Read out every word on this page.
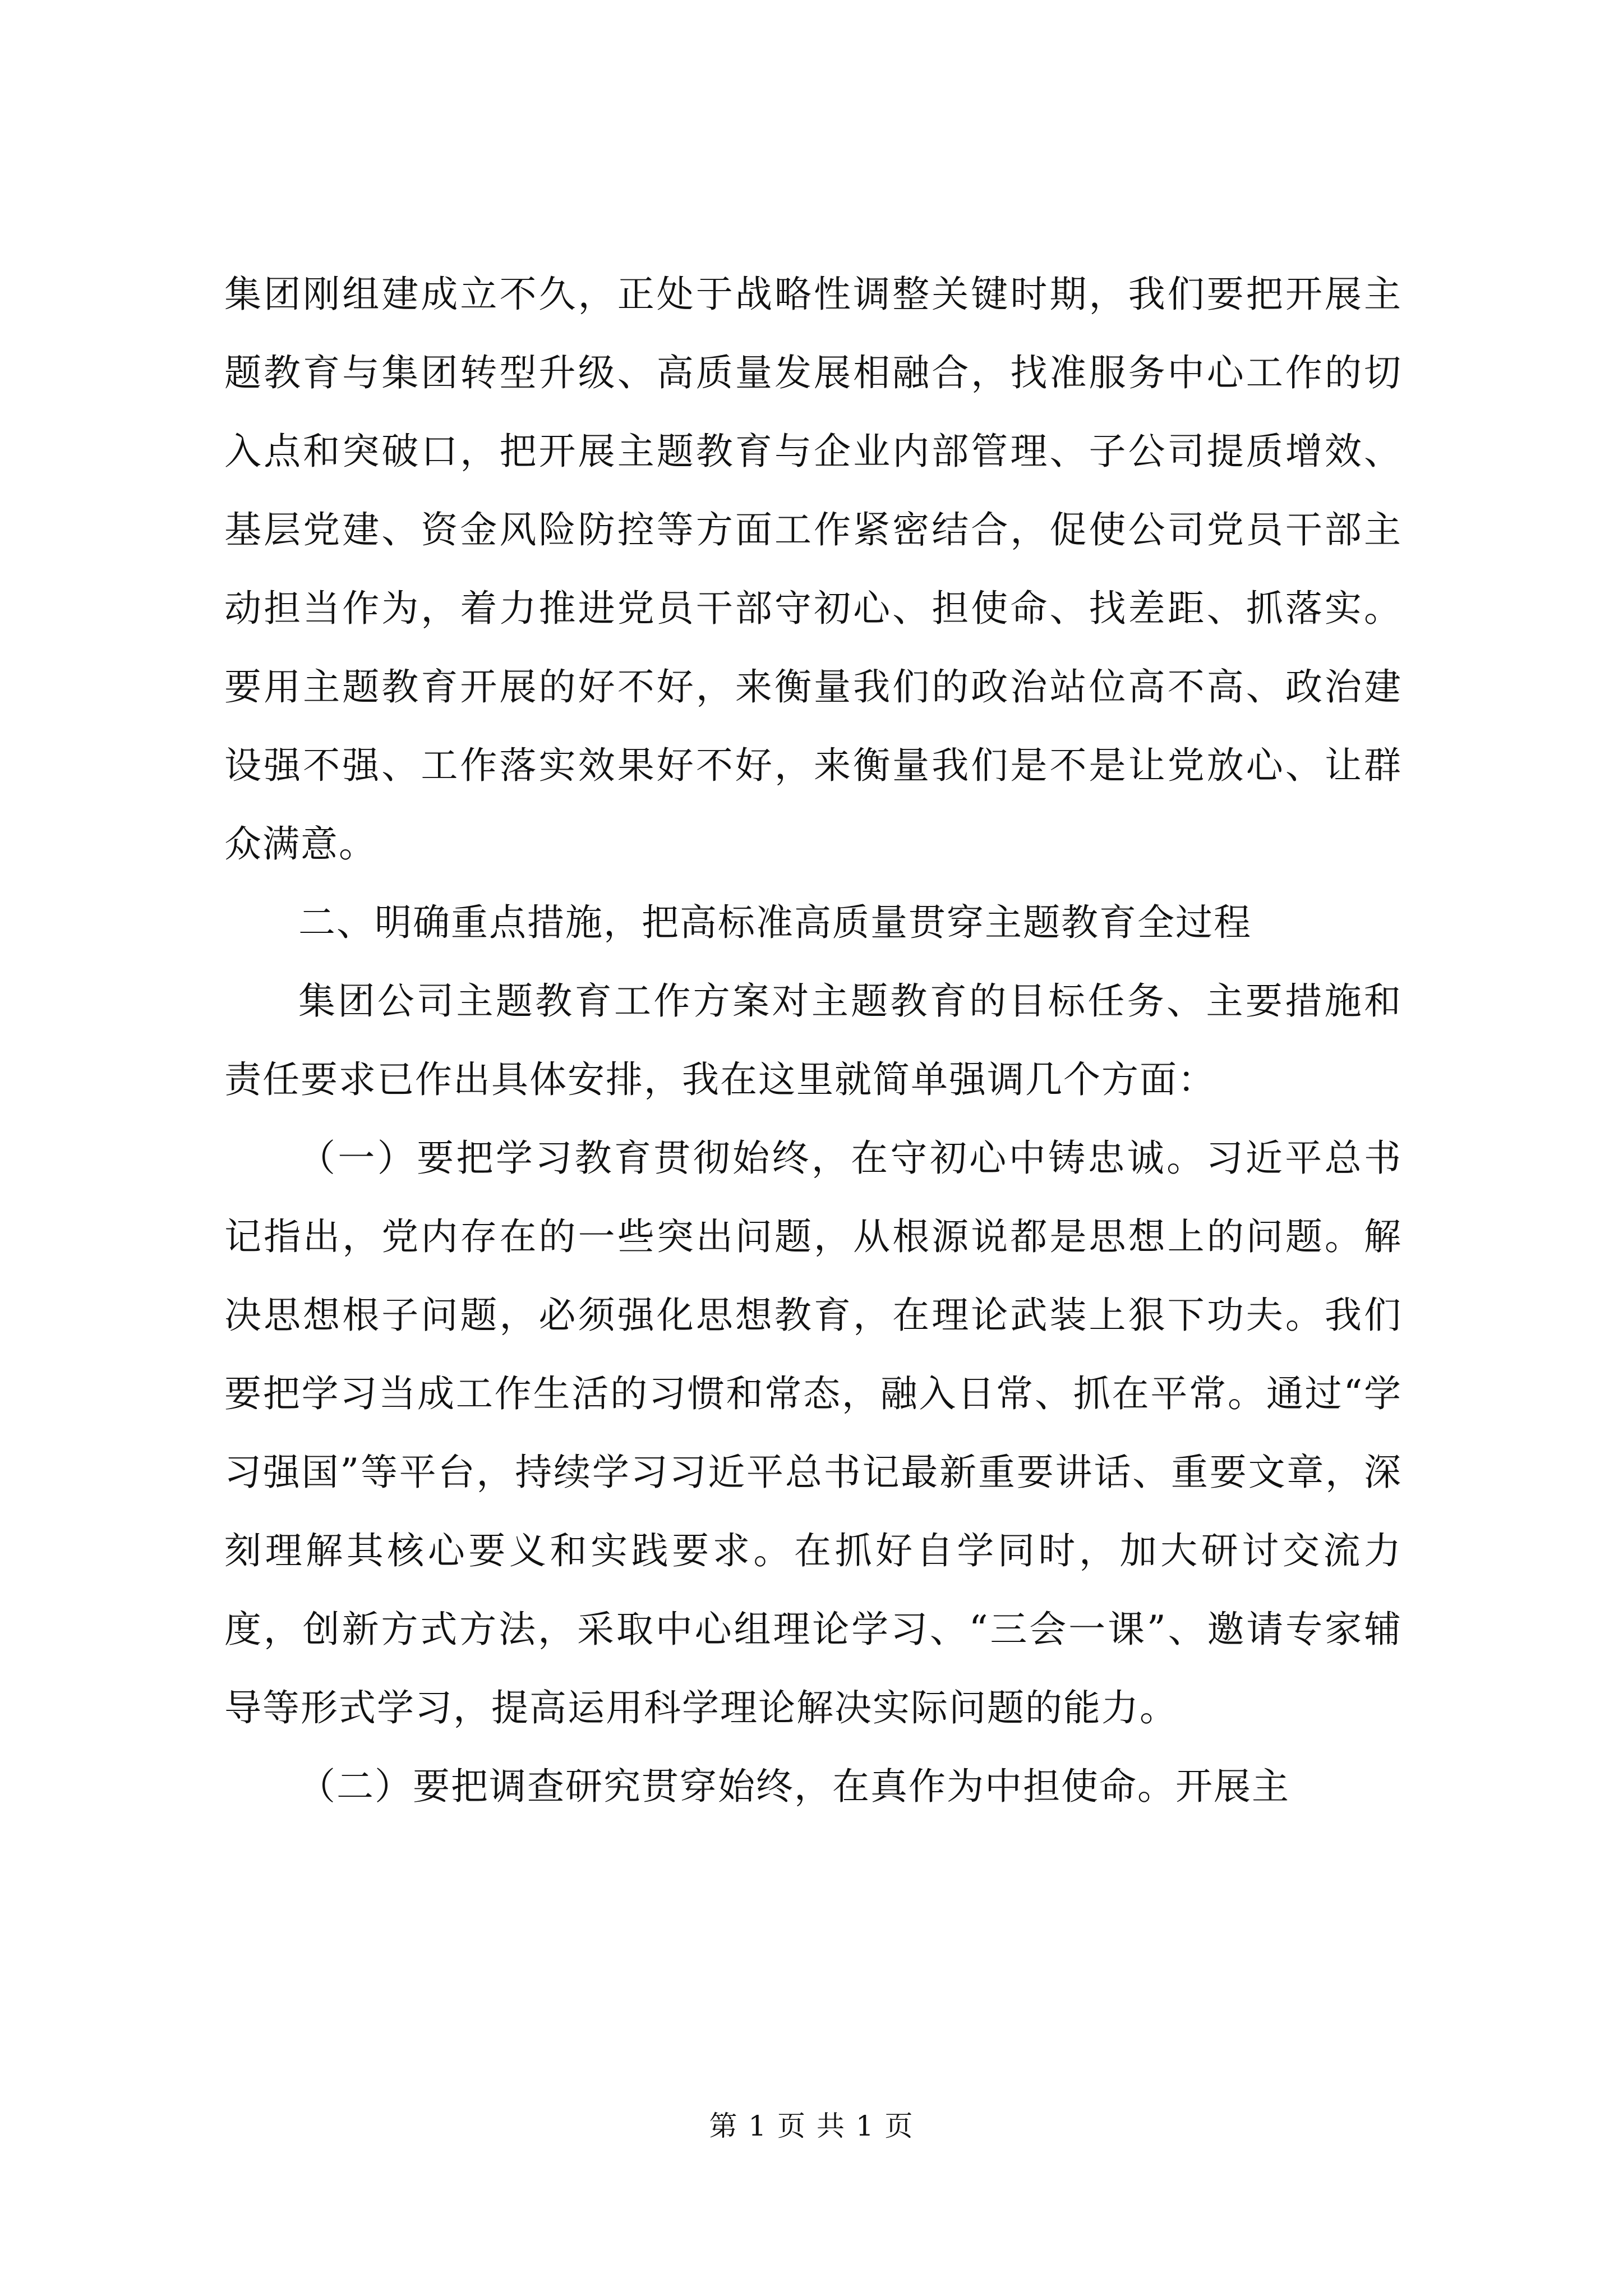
集团刚组建成立不久，正处于战略性调整关键时期，我们要把开展主题教育与集团转型升级、高质量发展相融合，找准服务中心工作的切入点和突破口，把开展主题教育与企业内部管理、子公司提质增效、基层党建、资金风险防控等方面工作紧密结合，促使公司党员干部主动担当作为，着力推进党员干部守初心、担使命、找差距、抓落实。要用主题教育开展的好不好，来衡量我们的政治站位高不高、政治建设强不强、工作落实效果好不好，来衡量我们是不是让党放心、让群众满意。

二、明确重点措施，把高标准高质量贯穿主题教育全过程

集团公司主题教育工作方案对主题教育的目标任务、主要措施和责任要求已作出具体安排，我在这里就简单强调几个方面：

（一）要把学习教育贯彻始终，在守初心中铸忠诚。习近平总书记指出，党内存在的一些突出问题，从根源说都是思想上的问题。解决思想根子问题，必须强化思想教育，在理论武装上狠下功夫。我们要把学习当成工作生活的习惯和常态，融入日常、抓在平常。通过“学习强国”等平台，持续学习习近平总书记最新重要讲话、重要文章，深刻理解其核心要义和实践要求。在抓好自学同时，加大研讨交流力度，创新方式方法，采取中心组理论学习、“三会一课”、邀请专家辅导等形式学习，提高运用科学理论解决实际问题的能力。

（二）要把调查研究贯穿始终，在真作为中担使命。开展主

第 1 页 共 1 页
